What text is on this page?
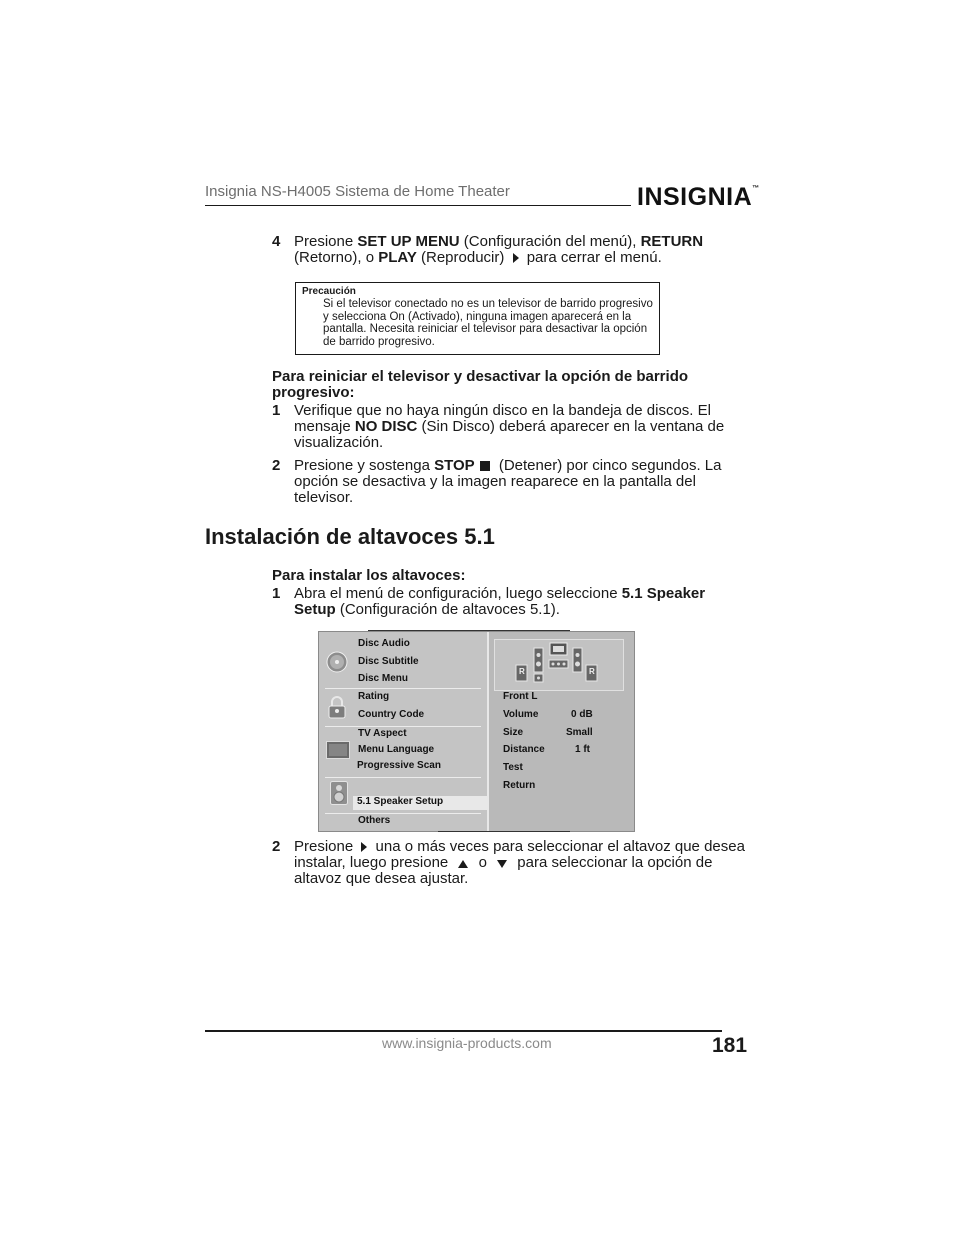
Insignia NS-H4005 Sistema de Home Theater	INSIGNIA™
4 Presione SET UP MENU (Configuración del menú), RETURN (Retorno), o PLAY (Reproducir)  para cerrar el menú.
Precaución
Si el televisor conectado no es un televisor de barrido progresivo y selecciona On (Activado), ninguna imagen aparecerá en la pantalla. Necesita reiniciar el televisor para desactivar la opción de barrido progresivo.
Para reiniciar el televisor y desactivar la opción de barrido progresivo:
1 Verifique que no haya ningún disco en la bandeja de discos. El mensaje NO DISC (Sin Disco) deberá aparecer en la ventana de visualización.
2 Presione y sostenga STOP (Detener) por cinco segundos. La opción se desactiva y la imagen reaparece en la pantalla del televisor.
Instalación de altavoces 5.1
Para instalar los altavoces:
1 Abra el menú de configuración, luego seleccione 5.1 Speaker Setup (Configuración de altavoces 5.1).
Disc Audio
Disc Subtitle
Disc Menu
Rating
Country Code
TV Aspect
Menu Language
Progressive Scan
5.1 Speaker Setup
Others
R	R
Front L
Volume	0 dB
Size	Small
Distance	1 ft
Test
Return
2 Presione  una o más veces para seleccionar el altavoz que desea instalar, luego presione  o  para seleccionar la opción de altavoz que desea ajustar.
www.insignia-products.com	181
